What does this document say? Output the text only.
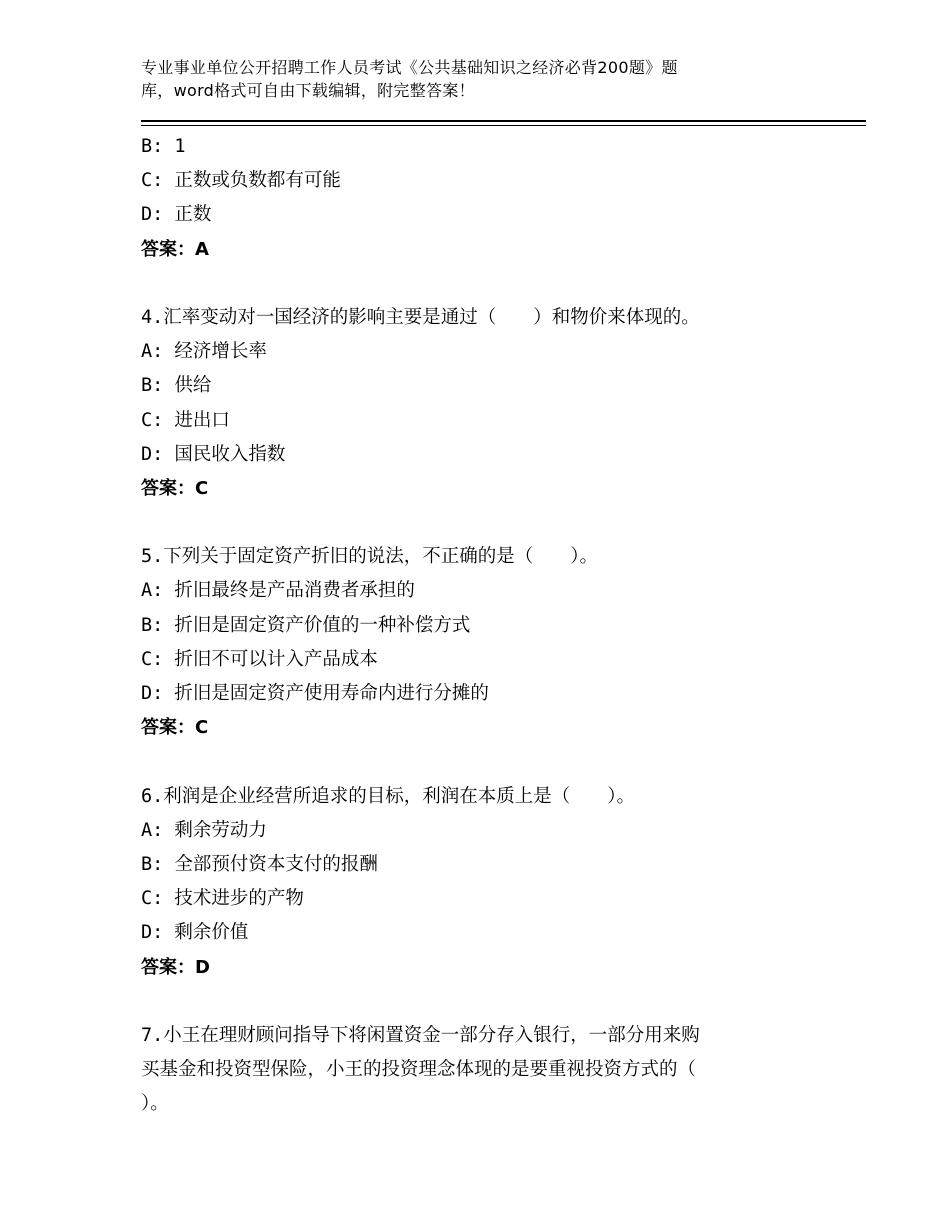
专业事业单位公开招聘工作人员考试《公共基础知识之经济必背200题》题
库，word格式可自由下载编辑，附完整答案！
B: 1
C: 正数或负数都有可能
D: 正数
答案：A
4.汇率变动对一国经济的影响主要是通过（　　）和物价来体现的。
A: 经济增长率
B: 供给
C: 进出口
D: 国民收入指数
答案：C
5.下列关于固定资产折旧的说法，不正确的是（　　）。
A: 折旧最终是产品消费者承担的
B: 折旧是固定资产价值的一种补偿方式
C: 折旧不可以计入产品成本
D: 折旧是固定资产使用寿命内进行分摊的
答案：C
6.利润是企业经营所追求的目标，利润在本质上是（　　）。
A: 剩余劳动力
B: 全部预付资本支付的报酬
C: 技术进步的产物
D: 剩余价值
答案：D
7.小王在理财顾问指导下将闲置资金一部分存入银行，一部分用来购
买基金和投资型保险，小王的投资理念体现的是要重视投资方式的（
）。
